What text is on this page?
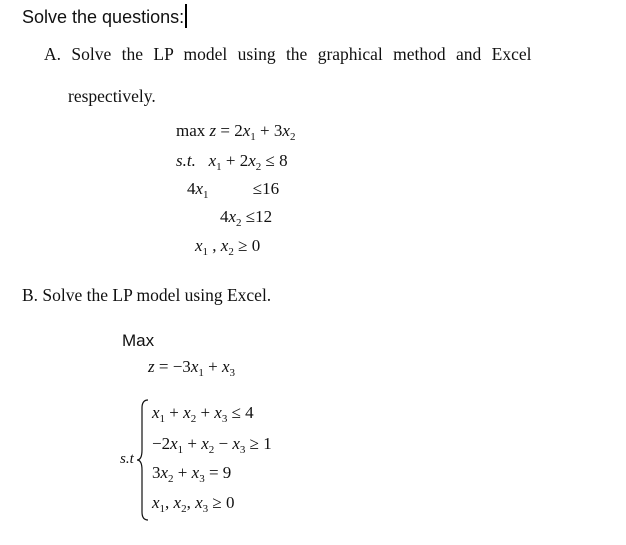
Solve the questions:
A. Solve the LP model using the graphical method and Excel
respectively.
$\max z = 2x_1 + 3x_2$
s.t. $x_1 + 2x_2 \le 8$
$4x_1$	≤16
$4x_2 \le 12$
$x_1$ , $x_2 \ge 0$
B. Solve the LP model using Excel.
Max
$z = -3x_1 + x_3$
s.t
$x_1 + x_2 + x_3 \le 4$
$-2x_1 + x_2 - x_3 \ge 1$
$3x_2 + x_3 = 9$
$x_1$, $x_2$, $x_3 \ge 0$
